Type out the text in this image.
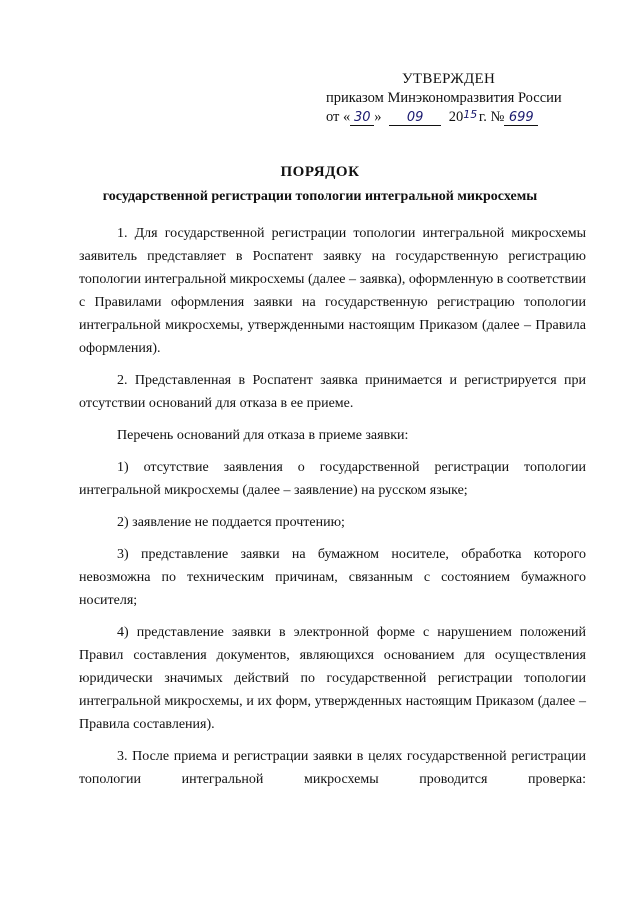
УТВЕРЖДЕН
приказом Минэкономразвития России
от « 30 » 09 2015 г. № 699
ПОРЯДОК
государственной регистрации топологии интегральной микросхемы

1. Для государственной регистрации топологии интегральной микросхемы заявитель представляет в Роспатент заявку на государственную регистрацию топологии интегральной микросхемы (далее – заявка), оформленную в соответствии с Правилами оформления заявки на государственную регистрацию топологии интегральной микросхемы, утвержденными настоящим Приказом (далее – Правила оформления).

2. Представленная в Роспатент заявка принимается и регистрируется при отсутствии оснований для отказа в ее приеме.

Перечень оснований для отказа в приеме заявки:

1) отсутствие заявления о государственной регистрации топологии интегральной микросхемы (далее – заявление) на русском языке;

2) заявление не поддается прочтению;

3) представление заявки на бумажном носителе, обработка которого невозможна по техническим причинам, связанным с состоянием бумажного носителя;

4) представление заявки в электронной форме с нарушением положений Правил составления документов, являющихся основанием для осуществления юридически значимых действий по государственной регистрации топологии интегральной микросхемы, и их форм, утвержденных настоящим Приказом (далее – Правила составления).

3. После приема и регистрации заявки в целях государственной регистрации топологии интегральной микросхемы проводится проверка:
